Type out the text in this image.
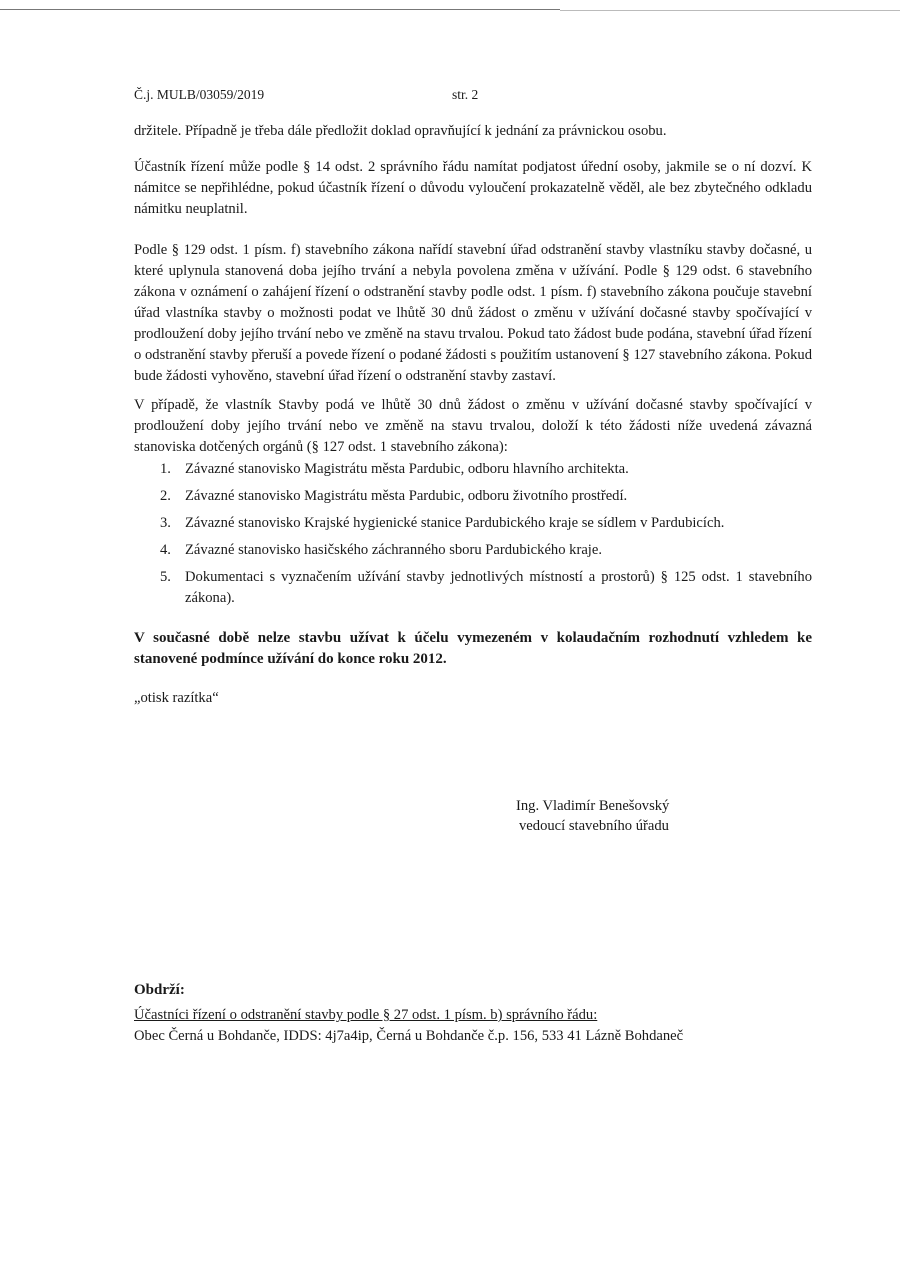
Č.j. MULB/03059/2019	str. 2

držitele. Případně je třeba dále předložit doklad opravňující k jednání za právnickou osobu.

Účastník řízení může podle § 14 odst. 2 správního řádu namítat podjatost úřední osoby, jakmile se o ní dozví. K námitce se nepřihlédne, pokud účastník řízení o důvodu vyloučení prokazatelně věděl, ale bez zbytečného odkladu námitku neuplatnil.

Podle § 129 odst. 1 písm. f) stavebního zákona nařídí stavební úřad odstranění stavby vlastníku stavby dočasné, u které uplynula stanovená doba jejího trvání a nebyla povolena změna v užívání. Podle § 129 odst. 6 stavebního zákona v oznámení o zahájení řízení o odstranění stavby podle odst. 1 písm. f) stavebního zákona poučuje stavební úřad vlastníka stavby o možnosti podat ve lhůtě 30 dnů žádost o změnu v užívání dočasné stavby spočívající v prodloužení doby jejího trvání nebo ve změně na stavu trvalou. Pokud tato žádost bude podána, stavební úřad řízení o odstranění stavby přeruší a povede řízení o podané žádosti s použitím ustanovení § 127 stavebního zákona. Pokud bude žádosti vyhověno, stavební úřad řízení o odstranění stavby zastaví.

V případě, že vlastník Stavby podá ve lhůtě 30 dnů žádost o změnu v užívání dočasné stavby spočívající v prodloužení doby jejího trvání nebo ve změně na stavu trvalou, doloží k této žádosti níže uvedená závazná stanoviska dotčených orgánů (§ 127 odst. 1 stavebního zákona):

1. Závazné stanovisko Magistrátu města Pardubic, odboru hlavního architekta.
2. Závazné stanovisko Magistrátu města Pardubic, odboru životního prostředí.
3. Závazné stanovisko Krajské hygienické stanice Pardubického kraje se sídlem v Pardubicích.
4. Závazné stanovisko hasičského záchranného sboru Pardubického kraje.
5. Dokumentaci s vyznačením užívání stavby jednotlivých místností a prostorů) § 125 odst. 1 stavebního zákona).

V současné době nelze stavbu užívat k účelu vymezeném v kolaudačním rozhodnutí vzhledem ke stanovené podmínce užívání do konce roku 2012.

„otisk razítka“

Ing. Vladimír Benešovský
vedoucí stavebního úřadu
Obdrží:
Účastníci řízení o odstranění stavby podle § 27 odst. 1 písm. b) správního řádu:
Obec Černá u Bohdanče, IDDS: 4j7a4ip, Černá u Bohdanče č.p. 156, 533 41 Lázně Bohdaneč
